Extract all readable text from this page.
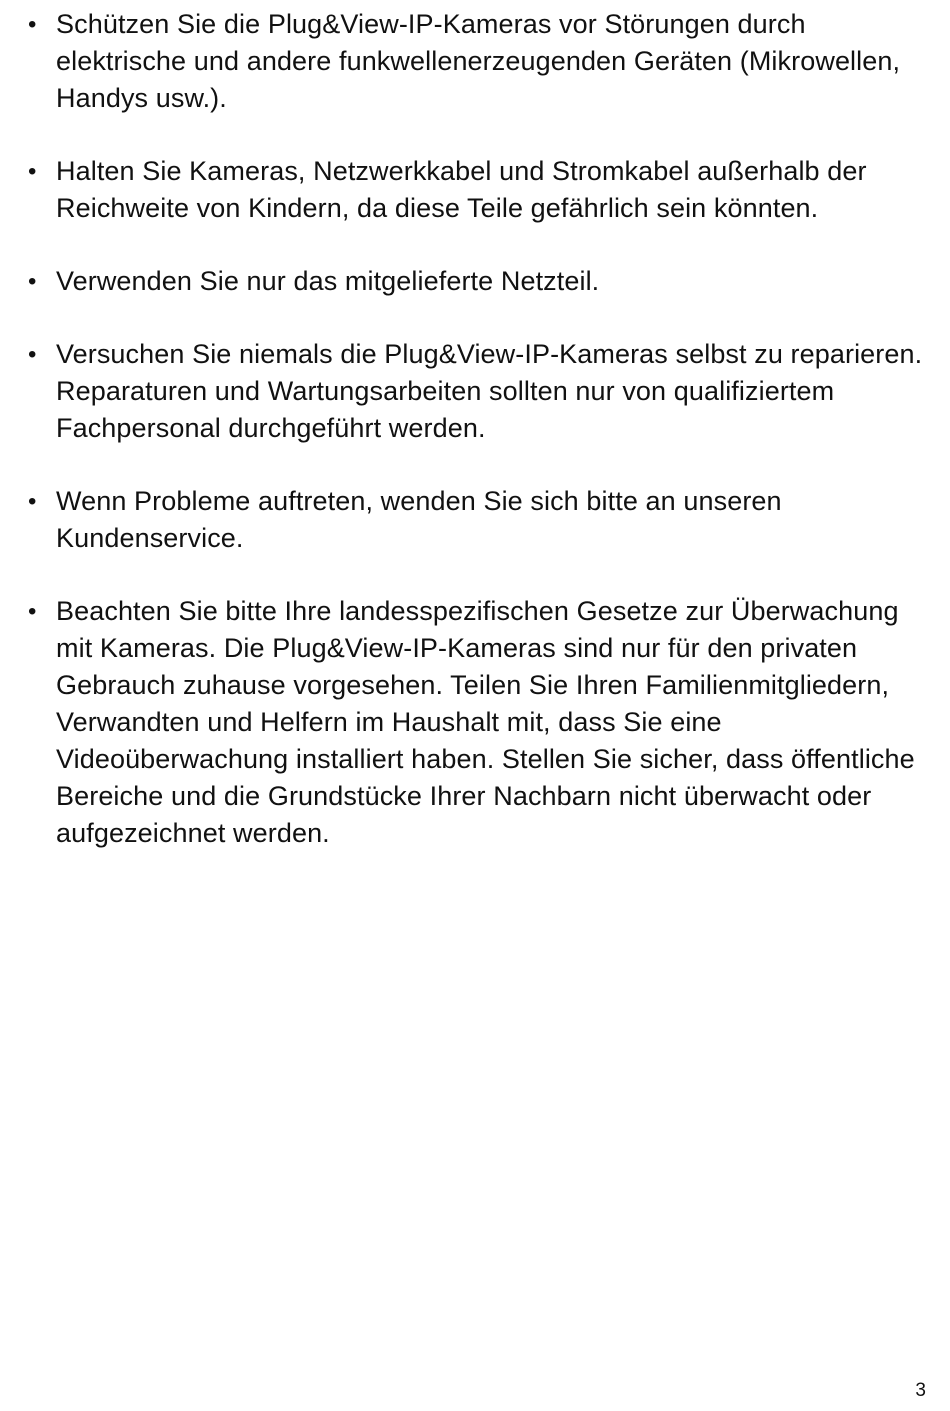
• Schützen Sie die Plug&View-IP-Kameras vor Störungen durch elektrische und andere funkwellenerzeugenden Geräten (Mikrowellen, Handys usw.).
• Halten Sie Kameras, Netzwerkkabel und Stromkabel außerhalb der Reichweite von Kindern, da diese Teile gefährlich sein könnten.
• Verwenden Sie nur das mitgelieferte Netzteil.
• Versuchen Sie niemals die Plug&View-IP-Kameras selbst zu reparieren. Reparaturen und Wartungsarbeiten sollten nur von qualifiziertem Fachpersonal durchgeführt werden.
• Wenn Probleme auftreten, wenden Sie sich bitte an unseren Kundenservice.
• Beachten Sie bitte Ihre landesspezifischen Gesetze zur Überwachung mit Kameras. Die Plug&View-IP-Kameras sind nur für den privaten Gebrauch zuhause vorgesehen. Teilen Sie Ihren Familienmitgliedern, Verwandten und Helfern im Haushalt mit, dass Sie eine Videoüberwachung installiert haben. Stellen Sie sicher, dass öffentliche Bereiche und die Grundstücke Ihrer Nachbarn nicht überwacht oder aufgezeichnet werden.
3
